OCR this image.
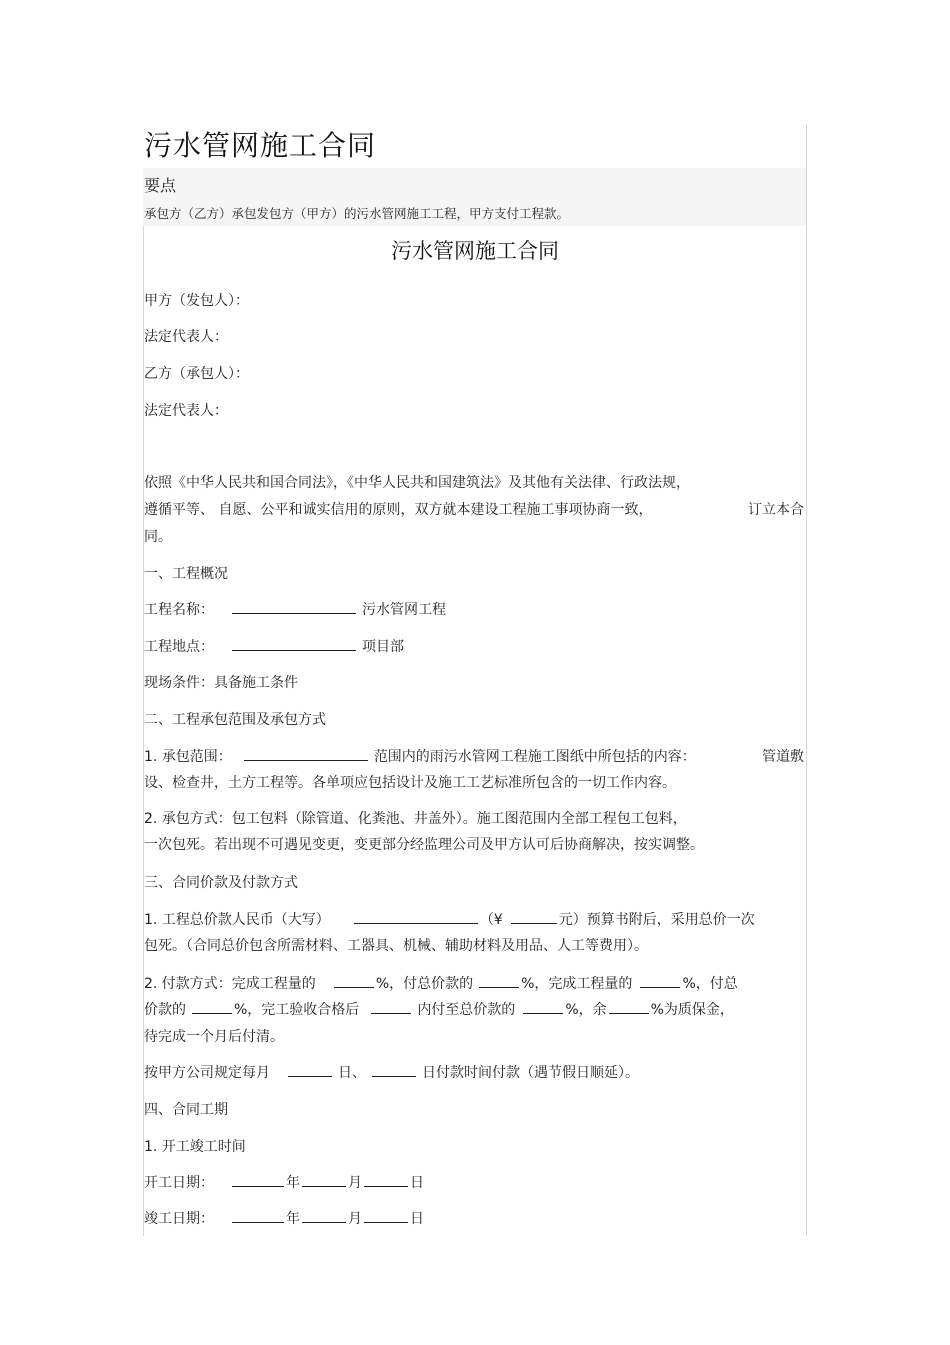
污水管网施工合同
要点
承包方（乙方）承包发包方（甲方）的污水管网施工工程，甲方支付工程款。
污水管网施工合同
甲方（发包人）：
法定代表人：
乙方（承包人）：
法定代表人：
依照《中华人民共和国合同法》，《中华人民共和国建筑法》及其他有关法律、行政法规，
遵循平等、 自愿、公平和诚实信用的原则，双方就本建设工程施工事项协商一致，	订立本合
同。
一、工程概况
工程名称：	污水管网工程
工程地点：	项目部
现场条件：具备施工条件
二、工程承包范围及承包方式
1. 承包范围：	范围内的雨污水管网工程施工图纸中所包括的内容：	管道敷
设、检查井，土方工程等。各单项应包括设计及施工工艺标准所包含的一切工作内容。
2. 承包方式：包工包料（除管道、化粪池、井盖外）。施工图范围内全部工程包工包料，
一次包死。若出现不可遇见变更，变更部分经监理公司及甲方认可后协商解决，按实调整。
三、合同价款及付款方式
1. 工程总价款人民币（大写）	（¥	元）预算书附后，采用总价一次
包死。（合同总价包含所需材料、工器具、机械、辅助材料及用品、人工等费用）。
2. 付款方式：完成工程量的	%，付总价款的	%，完成工程量的	%，付总
价款的	%，完工验收合格后	内付至总价款的	%，余	%为质保金，
待完成一个月后付清。
按甲方公司规定每月	日、	日付款时间付款（遇节假日顺延）。
四、合同工期
1. 开工竣工时间
开工日期：	年	月	日
竣工日期：	年	月	日
